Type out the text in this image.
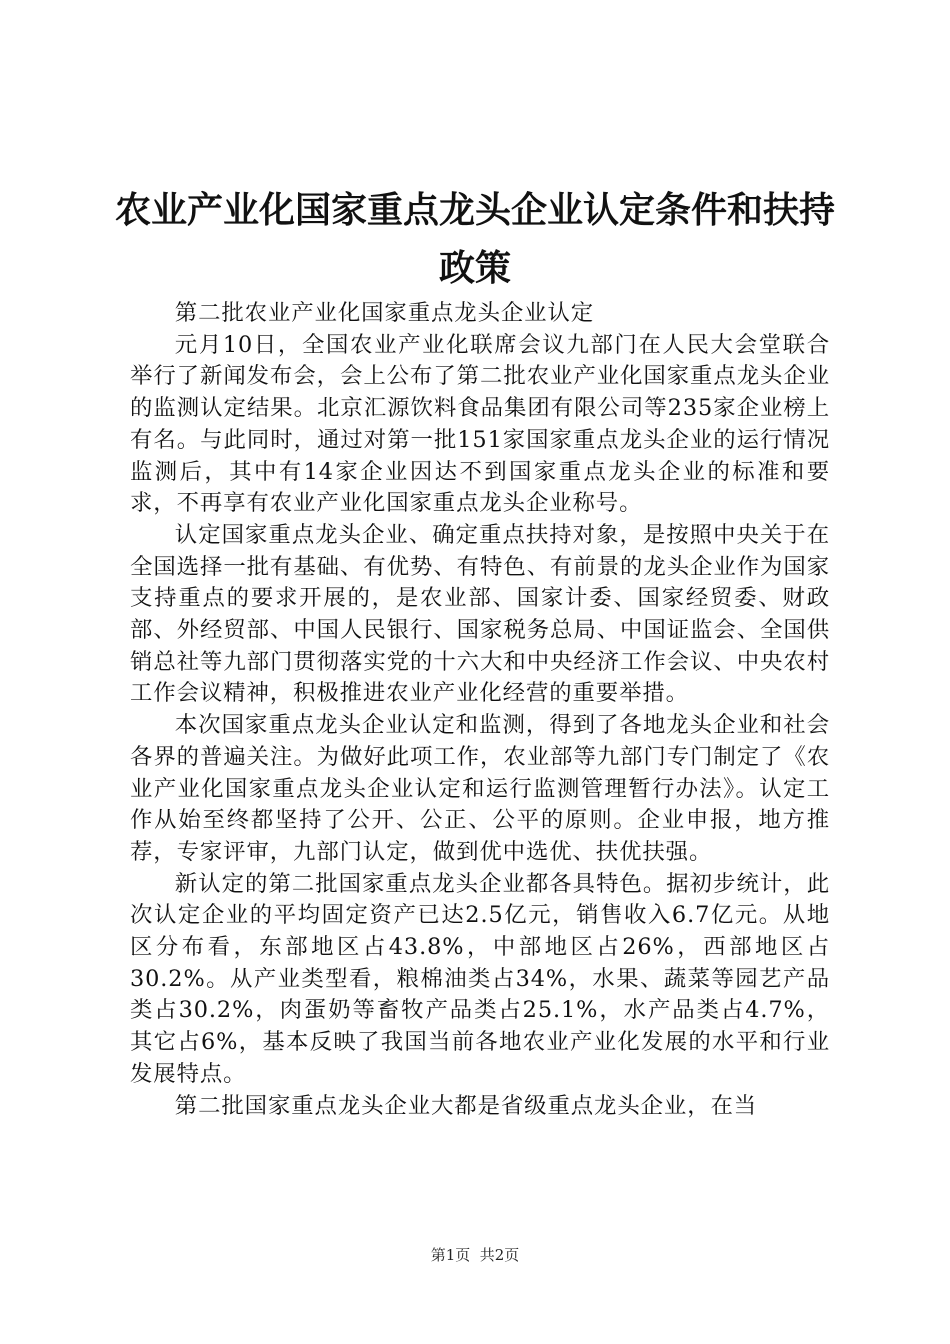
农业产业化国家重点龙头企业认定条件和扶持
政策

第二批农业产业化国家重点龙头企业认定

元月10日，全国农业产业化联席会议九部门在人民大会堂联合举行了新闻发布会，会上公布了第二批农业产业化国家重点龙头企业的监测认定结果。北京汇源饮料食品集团有限公司等235家企业榜上有名。与此同时，通过对第一批151家国家重点龙头企业的运行情况监测后，其中有14家企业因达不到国家重点龙头企业的标准和要求，不再享有农业产业化国家重点龙头企业称号。

认定国家重点龙头企业、确定重点扶持对象，是按照中央关于在全国选择一批有基础、有优势、有特色、有前景的龙头企业作为国家支持重点的要求开展的，是农业部、国家计委、国家经贸委、财政部、外经贸部、中国人民银行、国家税务总局、中国证监会、全国供销总社等九部门贯彻落实党的十六大和中央经济工作会议、中央农村工作会议精神，积极推进农业产业化经营的重要举措。

本次国家重点龙头企业认定和监测，得到了各地龙头企业和社会各界的普遍关注。为做好此项工作，农业部等九部门专门制定了《农业产业化国家重点龙头企业认定和运行监测管理暂行办法》。认定工作从始至终都坚持了公开、公正、公平的原则。企业申报，地方推荐，专家评审，九部门认定，做到优中选优、扶优扶强。

新认定的第二批国家重点龙头企业都各具特色。据初步统计，此次认定企业的平均固定资产已达2.5亿元，销售收入6.7亿元。从地区分布看，东部地区占43.8%，中部地区占26%，西部地区占30.2%。从产业类型看，粮棉油类占34%，水果、蔬菜等园艺产品类占30.2%，肉蛋奶等畜牧产品类占25.1%，水产品类占4.7%，其它占6%，基本反映了我国当前各地农业产业化发展的水平和行业发展特点。

第二批国家重点龙头企业大都是省级重点龙头企业，在当

第1页  共2页
